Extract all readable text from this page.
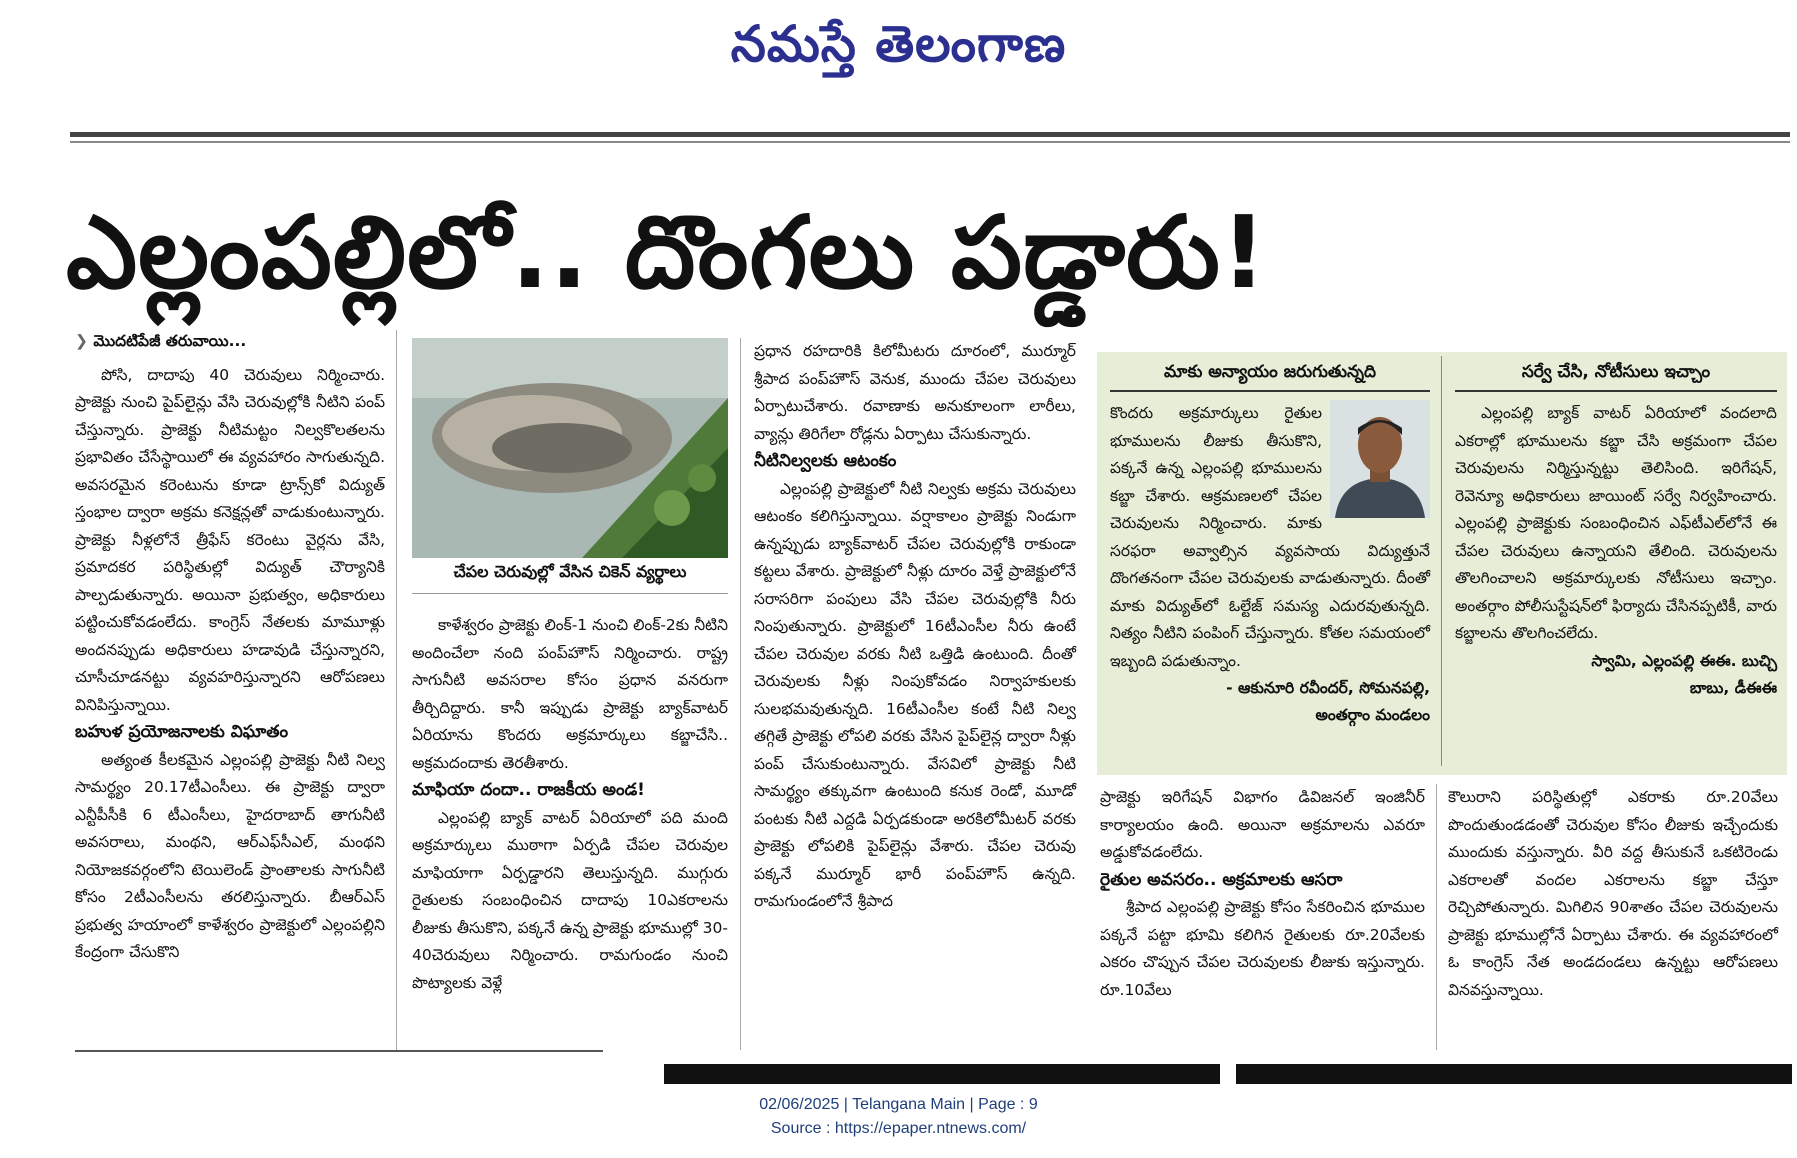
నమస్తే తెలంగాణ
ఎల్లంపల్లిలో.. దొంగలు పడ్డారు!
❯ మొదటిపేజీ తరువాయి...

పోసి, దాదాపు 40 చెరువులు నిర్మించారు. ప్రాజెక్టు నుంచి పైప్‌లైన్లు వేసి చెరువుల్లోకి నీటిని పంప్ చేస్తున్నారు. ప్రాజెక్టు నీటిమట్టం నిల్వకొలతలను ప్రభావితం చేసేస్థాయిలో ఈ వ్యవహారం సాగుతున్నది. అవసరమైన కరెంటును కూడా ట్రాన్స్‌కో విద్యుత్ స్తంభాల ద్వారా అక్రమ కనెక్షన్లతో వాడుకుంటున్నారు. ప్రాజెక్టు నీళ్లలోనే త్రీఫేస్ కరెంటు వైర్లను వేసి, ప్రమాదకర పరిస్థితుల్లో విద్యుత్ చౌర్యానికి పాల్పడుతున్నారు. అయినా ప్రభుత్వం, అధికారులు పట్టించుకోవడంలేదు. కాంగ్రెస్ నేతలకు మామూళ్లు అందనప్పుడు అధికారులు హడావుడి చేస్తున్నారని, చూసీచూడనట్టు వ్యవహరిస్తున్నారని ఆరోపణలు వినిపిస్తున్నాయి.

బహుళ ప్రయోజనాలకు విఘాతం

అత్యంత కీలకమైన ఎల్లంపల్లి ప్రాజెక్టు నీటి నిల్వ సామర్థ్యం 20.17టీఎంసీలు. ఈ ప్రాజెక్టు ద్వారా ఎన్టీపీసీకి 6 టీఎంసీలు, హైదరాబాద్ తాగునీటి అవసరాలు, మంథని, ఆర్‌ఎఫ్‌సీఎల్, మంథని నియోజకవర్గంలోని టెయిలెండ్ ప్రాంతాలకు సాగునీటి కోసం 2టీఎంసీలను తరలిస్తున్నారు. బీఆర్‌ఎస్ ప్రభుత్వ హయాంలో కాళేశ్వరం ప్రాజెక్టులో ఎల్లంపల్లిని కేంద్రంగా చేసుకొని

చేపల చెరువుల్లో వేసిన చికెన్ వ్యర్థాలు

కాళేశ్వరం ప్రాజెక్టు లింక్-1 నుంచి లింక్-2కు నీటిని అందించేలా నంది పంప్‌హౌస్ నిర్మించారు. రాష్ట్ర సాగునీటి అవసరాల కోసం ప్రధాన వనరుగా తీర్చిదిద్దారు. కానీ ఇప్పుడు ప్రాజెక్టు బ్యాక్‌వాటర్ ఏరియాను కొందరు అక్రమార్కులు కబ్జాచేసి.. అక్రమదందాకు తెరతీశారు.

మాఫియా దందా.. రాజకీయ అండ!

ఎల్లంపల్లి బ్యాక్ వాటర్ ఏరియాలో పది మంది అక్రమార్కులు ముఠాగా ఏర్పడి చేపల చెరువుల మాఫియాగా ఏర్పడ్డారని తెలుస్తున్నది. ముగ్గురు రైతులకు సంబంధించిన దాదాపు 10ఎకరాలను లీజుకు తీసుకొని, పక్కనే ఉన్న ప్రాజెక్టు భూముల్లో 30-40చెరువులు నిర్మించారు. రామగుండం నుంచి పొట్యాలకు వెళ్లే

ప్రధాన రహదారికి కిలోమీటరు దూరంలో, ముర్మూర్ శ్రీపాద పంప్‌హౌస్ వెనుక, ముందు చేపల చెరువులు ఏర్పాటుచేశారు. రవాణాకు అనుకూలంగా లారీలు, వ్యాన్లు తిరిగేలా రోడ్లను ఏర్పాటు చేసుకున్నారు.

నీటినిల్వలకు ఆటంకం

ఎల్లంపల్లి ప్రాజెక్టులో నీటి నిల్వకు అక్రమ చెరువులు ఆటంకం కలిగిస్తున్నాయి. వర్షాకాలం ప్రాజెక్టు నిండుగా ఉన్నప్పుడు బ్యాక్‌వాటర్ చేపల చెరువుల్లోకి రాకుండా కట్టలు వేశారు. ప్రాజెక్టులో నీళ్లు దూరం వెళ్తే ప్రాజెక్టులోనే సరాసరిగా పంపులు వేసి చేపల చెరువుల్లోకి నీరు నింపుతున్నారు. ప్రాజెక్టులో 16టీఎంసీల నీరు ఉంటే చేపల చెరువుల వరకు నీటి ఒత్తిడి ఉంటుంది. దీంతో చెరువులకు నీళ్లు నింపుకోవడం నిర్వాహకులకు సులభమవుతున్నది. 16టీఎంసీల కంటే నీటి నిల్వ తగ్గితే ప్రాజెక్టు లోపలి వరకు వేసిన పైప్‌లైన్ల ద్వారా నీళ్లు పంప్ చేసుకుంటున్నారు. వేసవిలో ప్రాజెక్టు నీటి సామర్థ్యం తక్కువగా ఉంటుంది కనుక రెండో, మూడో పంటకు నీటి ఎద్దడి ఏర్పడకుండా అరకిలోమీటర్ వరకు ప్రాజెక్టు లోపలికి పైప్‌లైన్లు వేశారు. చేపల చెరువు పక్కనే ముర్మూర్ భారీ పంప్‌హౌస్ ఉన్నది. రామగుండంలోనే శ్రీపాద

మాకు అన్యాయం జరుగుతున్నది
కొందరు అక్రమార్కులు రైతుల భూములను లీజుకు తీసుకొని, పక్కనే ఉన్న ఎల్లంపల్లి భూములను కబ్జా చేశారు. ఆక్రమణలలో చేపల చెరువులను నిర్మించారు. మాకు సరఫరా అవ్వాల్సిన వ్యవసాయ విద్యుత్తునే దొంగతనంగా చేపల చెరువులకు వాడుతున్నారు. దీంతో మాకు విద్యుత్‌లో ఓల్టేజ్ సమస్య ఎదురవుతున్నది. నిత్యం నీటిని పంపింగ్ చేస్తున్నారు. కోతల సమయంలో ఇబ్బంది పడుతున్నాం.
- ఆకునూరి రవీందర్, సోమనపల్లి,
అంతర్గాం మండలం
సర్వే చేసి, నోటీసులు ఇచ్చాం
ఎల్లంపల్లి బ్యాక్ వాటర్ ఏరియాలో వందలాది ఎకరాల్లో భూములను కబ్జా చేసి అక్రమంగా చేపల చెరువులను నిర్మిస్తున్నట్టు తెలిసింది. ఇరిగేషన్, రెవెన్యూ అధికారులు జాయింట్ సర్వే నిర్వహించారు. ఎల్లంపల్లి ప్రాజెక్టుకు సంబంధించిన ఎఫ్‌టీఎల్‌లోనే ఈ చేపల చెరువులు ఉన్నాయని తేలింది. చెరువులను తొలగించాలని అక్రమార్కులకు నోటీసులు ఇచ్చాం. అంతర్గాం పోలీసుస్టేషన్‌లో ఫిర్యాదు చేసినప్పటికీ, వారు కబ్జాలను తొలగించలేదు.
స్వామి, ఎల్లంపల్లి ఈఈ. బుచ్చి
బాబు, డీఈఈ

ప్రాజెక్టు ఇరిగేషన్ విభాగం డివిజనల్ ఇంజినీర్ కార్యాలయం ఉంది. అయినా అక్రమాలను ఎవరూ అడ్డుకోవడంలేదు.

రైతుల అవసరం.. అక్రమాలకు ఆసరా

శ్రీపాద ఎల్లంపల్లి ప్రాజెక్టు కోసం సేకరించిన భూముల పక్కనే పట్టా భూమి కలిగిన రైతులకు రూ.20వేలకు ఎకరం చొప్పున చేపల చెరువులకు లీజుకు ఇస్తున్నారు. రూ.10వేలు

కౌలురాని పరిస్థితుల్లో ఎకరాకు రూ.20వేలు పొందుతుండడంతో చెరువుల కోసం లీజుకు ఇచ్చేందుకు ముందుకు వస్తున్నారు. వీరి వద్ద తీసుకునే ఒకటిరెండు ఎకరాలతో వందల ఎకరాలను కబ్జా చేస్తూ రెచ్చిపోతున్నారు. మిగిలిన 90శాతం చేపల చెరువులను ప్రాజెక్టు భూముల్లోనే ఏర్పాటు చేశారు. ఈ వ్యవహారంలో ఓ కాంగ్రెస్ నేత అండదండలు ఉన్నట్టు ఆరోపణలు వినవస్తున్నాయి.

02/06/2025 | Telangana Main | Page : 9
Source : https://epaper.ntnews.com/
